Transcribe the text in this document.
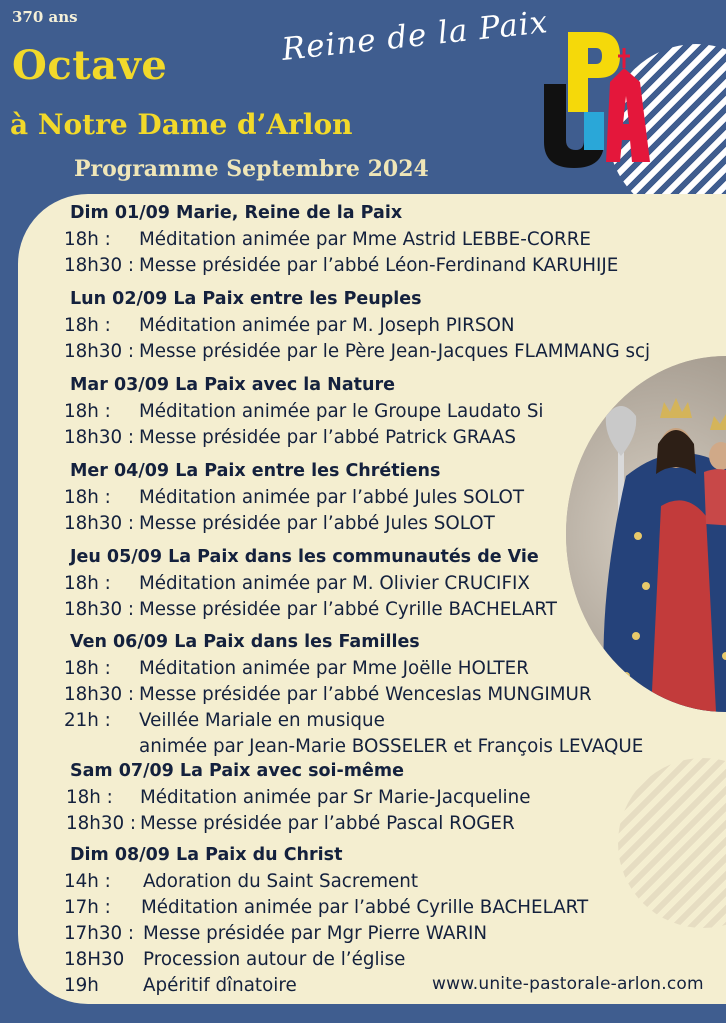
370 ans
Octave
à Notre Dame d’Arlon
Reine de la Paix
Programme Septembre 2024
Dim 01/09 Marie, Reine de la Paix
18h : Méditation animée par Mme Astrid LEBBE-CORRE
18h30 : Messe présidée par l’abbé Léon-Ferdinand KARUHIJE
Lun 02/09 La Paix entre les Peuples
18h : Méditation animée par M. Joseph PIRSON
18h30 : Messe présidée par le Père Jean-Jacques FLAMMANG scj
Mar 03/09 La Paix avec la Nature
18h : Méditation animée par le Groupe Laudato Si
18h30 : Messe présidée par l’abbé Patrick GRAAS
Mer 04/09 La Paix entre les Chrétiens
18h : Méditation animée par l’abbé Jules SOLOT
18h30 : Messe présidée par l’abbé Jules SOLOT
Jeu 05/09 La Paix dans les communautés de Vie
18h : Méditation animée par M. Olivier CRUCIFIX
18h30 : Messe présidée par l’abbé Cyrille BACHELART
Ven 06/09 La Paix dans les Familles
18h : Méditation animée par Mme Joëlle HOLTER
18h30 : Messe présidée par l’abbé Wenceslas MUNGIMUR
21h : Veillée Mariale en musique
animée par Jean-Marie BOSSELER et François LEVAQUE
Sam 07/09 La Paix avec soi-même
18h : Méditation animée par Sr Marie-Jacqueline
18h30 : Messe présidée par l’abbé Pascal ROGER
Dim 08/09 La Paix du Christ
14h : Adoration du Saint Sacrement
17h : Méditation animée par l’abbé Cyrille BACHELART
17h30 : Messe présidée par Mgr Pierre WARIN
18H30 Procession autour de l’église
19h Apéritif dînatoire	www.unite-pastorale-arlon.com
